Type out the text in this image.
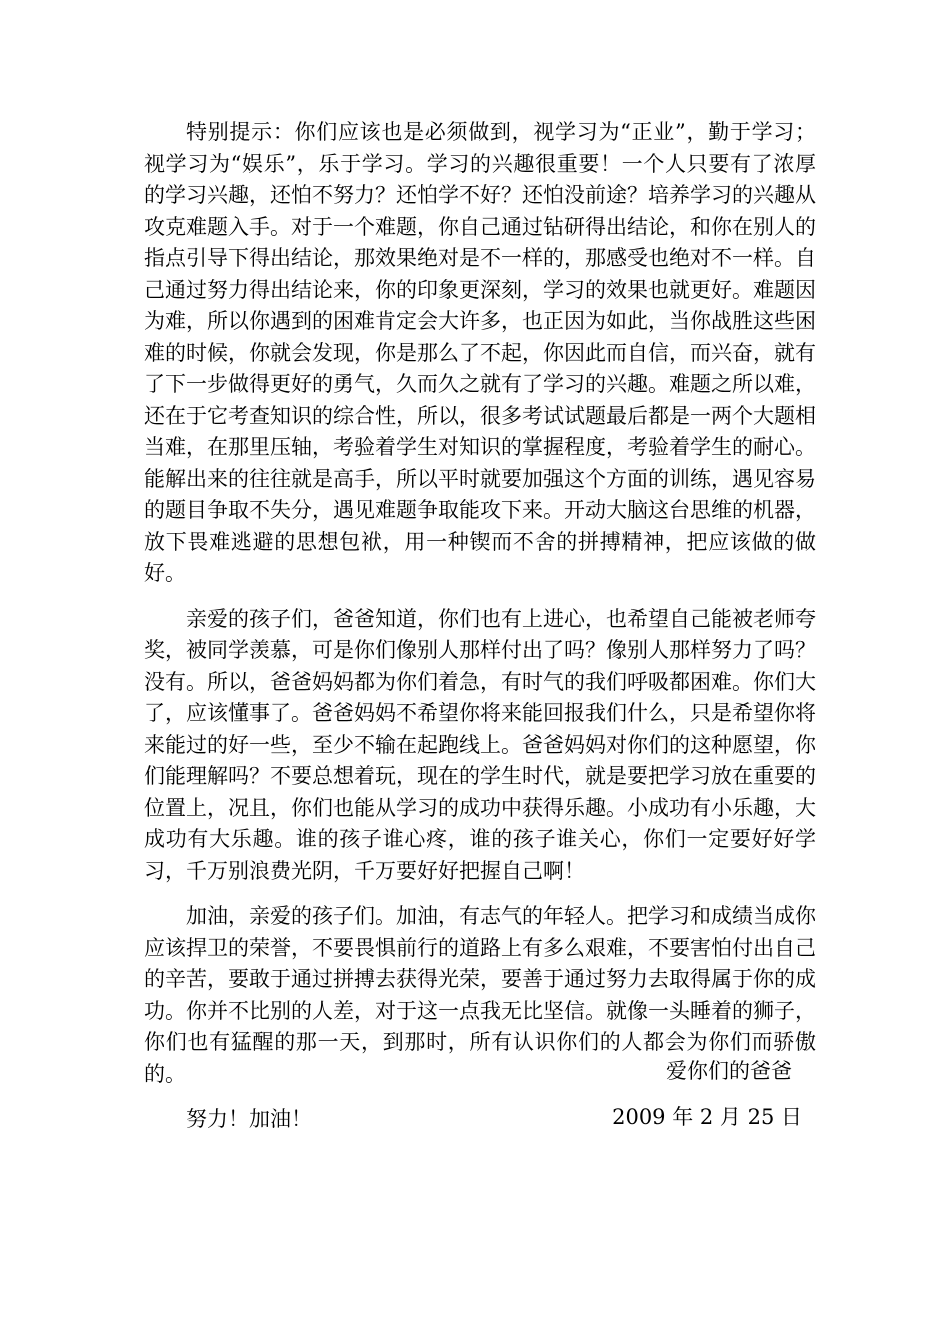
特别提示：你们应该也是必须做到，视学习为“正业”，勤于学习；视学习为“娱乐”，乐于学习。学习的兴趣很重要！一个人只要有了浓厚的学习兴趣，还怕不努力？还怕学不好？还怕没前途？培养学习的兴趣从攻克难题入手。对于一个难题，你自己通过钻研得出结论，和你在别人的指点引导下得出结论，那效果绝对是不一样的，那感受也绝对不一样。自己通过努力得出结论来，你的印象更深刻，学习的效果也就更好。难题因为难，所以你遇到的困难肯定会大许多，也正因为如此，当你战胜这些困难的时候，你就会发现，你是那么了不起，你因此而自信，而兴奋，就有了下一步做得更好的勇气，久而久之就有了学习的兴趣。难题之所以难，还在于它考查知识的综合性，所以，很多考试试题最后都是一两个大题相当难，在那里压轴，考验着学生对知识的掌握程度，考验着学生的耐心。能解出来的往往就是高手，所以平时就要加强这个方面的训练，遇见容易的题目争取不失分，遇见难题争取能攻下来。开动大脑这台思维的机器，放下畏难逃避的思想包袱，用一种锲而不舍的拼搏精神，把应该做的做好。

亲爱的孩子们，爸爸知道，你们也有上进心，也希望自己能被老师夸奖，被同学羡慕，可是你们像别人那样付出了吗？像别人那样努力了吗？没有。所以，爸爸妈妈都为你们着急，有时气的我们呼吸都困难。你们大了，应该懂事了。爸爸妈妈不希望你将来能回报我们什么，只是希望你将来能过的好一些，至少不输在起跑线上。爸爸妈妈对你们的这种愿望，你们能理解吗？不要总想着玩，现在的学生时代，就是要把学习放在重要的位置上，况且，你们也能从学习的成功中获得乐趣。小成功有小乐趣，大成功有大乐趣。谁的孩子谁心疼，谁的孩子谁关心，你们一定要好好学习，千万别浪费光阴，千万要好好把握自己啊！

加油，亲爱的孩子们。加油，有志气的年轻人。把学习和成绩当成你应该捍卫的荣誉，不要畏惧前行的道路上有多么艰难，不要害怕付出自己的辛苦，要敢于通过拼搏去获得光荣，要善于通过努力去取得属于你的成功。你并不比别的人差，对于这一点我无比坚信。就像一头睡着的狮子，你们也有猛醒的那一天，到那时，所有认识你们的人都会为你们而骄傲的。

努力！加油！

爱你们的爸爸
2009 年 2 月 25 日
